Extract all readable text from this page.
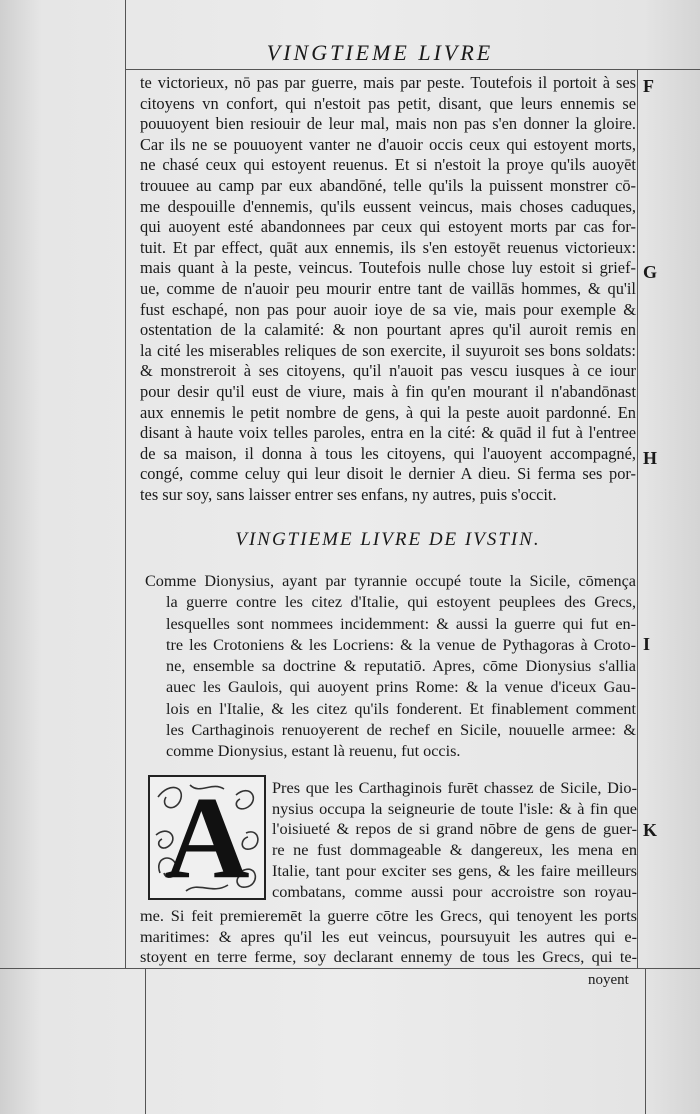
VINGTIEME LIVRE
te victorieux, nō pas par guerre, mais par peste. Toutefois il portoit à ses
citoyens vn confort, qui n'estoit pas petit, disant, que leurs ennemis se
pouuoyent bien resiouir de leur mal, mais non pas s'en donner la gloire.
Car ils ne se pouuoyent vanter ne d'auoir occis ceux qui estoyent morts,
ne chasé ceux qui estoyent reuenus. Et si n'estoit la proye qu'ils auoyēt
trouuee au camp par eux abandōné, telle qu'ils la puissent monstrer cō-
me despouille d'ennemis, qu'ils eussent veincus, mais choses caduques,
qui auoyent esté abandonnees par ceux qui estoyent morts par cas for-
tuit. Et par effect, quāt aux ennemis, ils s'en estoyēt reuenus victorieux:
mais quant à la peste, veincus. Toutefois nulle chose luy estoit si grief-
ue, comme de n'auoir peu mourir entre tant de vaillās hommes, & qu'il
fust eschapé, non pas pour auoir ioye de sa vie, mais pour exemple &
ostentation de la calamité: & non pourtant apres qu'il auroit remis en
la cité les miserables reliques de son exercite, il suyuroit ses bons soldats:
& monstreroit à ses citoyens, qu'il n'auoit pas vescu iusques à ce iour
pour desir qu'il eust de viure, mais à fin qu'en mourant il n'abandōnast
aux ennemis le petit nombre de gens, à qui la peste auoit pardonné. En
disant à haute voix telles paroles, entra en la cité: & quād il fut à l'entree
de sa maison, il donna à tous les citoyens, qui l'auoyent accompagné,
congé, comme celuy qui leur disoit le dernier A dieu. Si ferma ses por-
tes sur soy, sans laisser entrer ses enfans, ny autres, puis s'occit.
VINGTIEME LIVRE DE IVSTIN.
Comme Dionysius, ayant par tyrannie occupé toute la Sicile, cōmença
la guerre contre les citez d'Italie, qui estoyent peuplees des Grecs,
lesquelles sont nommees incidemment: & aussi la guerre qui fut en-
tre les Crotoniens & les Locriens: & la venue de Pythagoras à Croto-
ne, ensemble sa doctrine & reputatiō. Apres, cōme Dionysius s'allia
auec les Gaulois, qui auoyent prins Rome: & la venue d'iceux Gau-
lois en l'Italie, & les citez qu'ils fonderent. Et finablement comment
les Carthaginois renuoyerent de rechef en Sicile, nouuelle armee: &
comme Dionysius, estant là reuenu, fut occis.
A	Pres que les Carthaginois furēt chassez de Sicile, Dio-
nysius occupa la seigneurie de toute l'isle: & à fin que
l'oisiueté & repos de si grand nōbre de gens de guer-
re ne fust dommageable & dangereux, les mena en
Italie, tant pour exciter ses gens, & les faire meilleurs
combatans, comme aussi pour accroistre son royau-
me. Si feit premieremēt la guerre cōtre les Grecs, qui tenoyent les ports
maritimes: & apres qu'il les eut veincus, poursuyuit les autres qui e-
stoyent en terre ferme, soy declarant ennemy de tous les Grecs, qui te-
noyent
F
G
H
I
K
